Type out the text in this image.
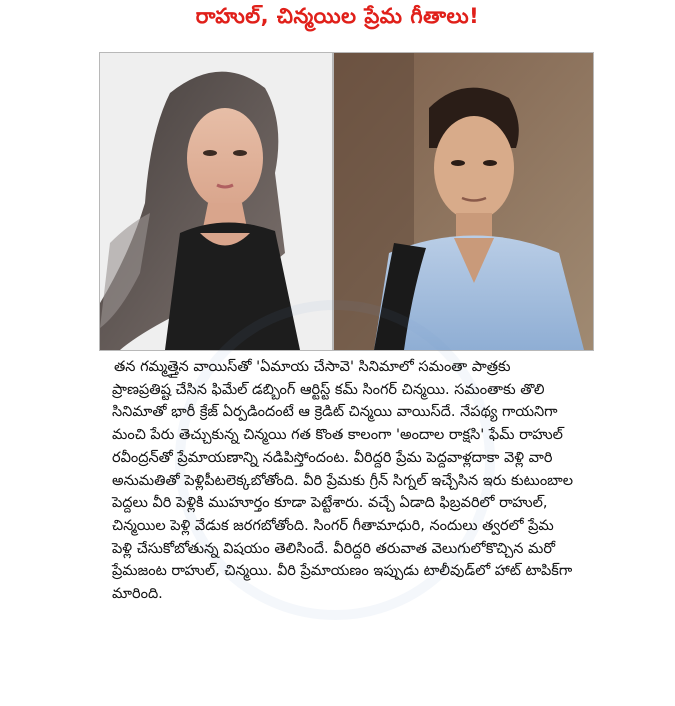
రాహుల్, చిన్మయిల ప్రేమ గీతాలు!
తన గమ్మత్తైన వాయిస్‌తో 'ఏమాయ చేసావె' సినిమాలో సమంతా పాత్రకు
ప్రాణప్రతిష్ట చేసిన ఫిమేల్ డబ్బింగ్ ఆర్టిస్ట్ కమ్ సింగర్ చిన్మయి. సమంతాకు తొలి
సినిమాతో భారీ క్రేజ్ ఏర్పడిందంటే ఆ క్రెడిట్ చిన్మయి వాయిస్‌దే. నేపథ్య గాయనిగా
మంచి పేరు తెచ్చుకున్న చిన్మయి గత కొంత కాలంగా 'అందాల రాక్షసి' ఫేమ్ రాహుల్
రవీంద్రన్‌తో ప్రేమాయణాన్ని నడిపిస్తోందంట. వీరిద్దరి ప్రేమ పెద్దవాళ్లదాకా వెళ్లి వారి
అనుమతితో పెళ్లిపీటలెక్కబోతోంది. వీరి ప్రేమకు గ్రీన్ సిగ్నల్ ఇచ్చేసిన ఇరు కుటుంబాల
పెద్దలు వీరి పెళ్లికి ముహూర్తం కూడా పెట్టేశారు. వచ్చే ఏడాది ఫిబ్రవరిలో రాహుల్,
చిన్మయిల పెళ్లి వేడుక జరగబోతోంది. సింగర్ గీతామాధురి, నందులు త్వరలో ప్రేమ
పెళ్లి చేసుకోబోతున్న విషయం తెలిసిందే. వీరిద్దరి తరువాత వెలుగులోకొచ్చిన మరో
ప్రేమజంట రాహుల్, చిన్మయి. వీరి ప్రేమాయణం ఇప్పుడు టాలీవుడ్‌లో హాట్ టాపిక్‌గా
మారింది.
